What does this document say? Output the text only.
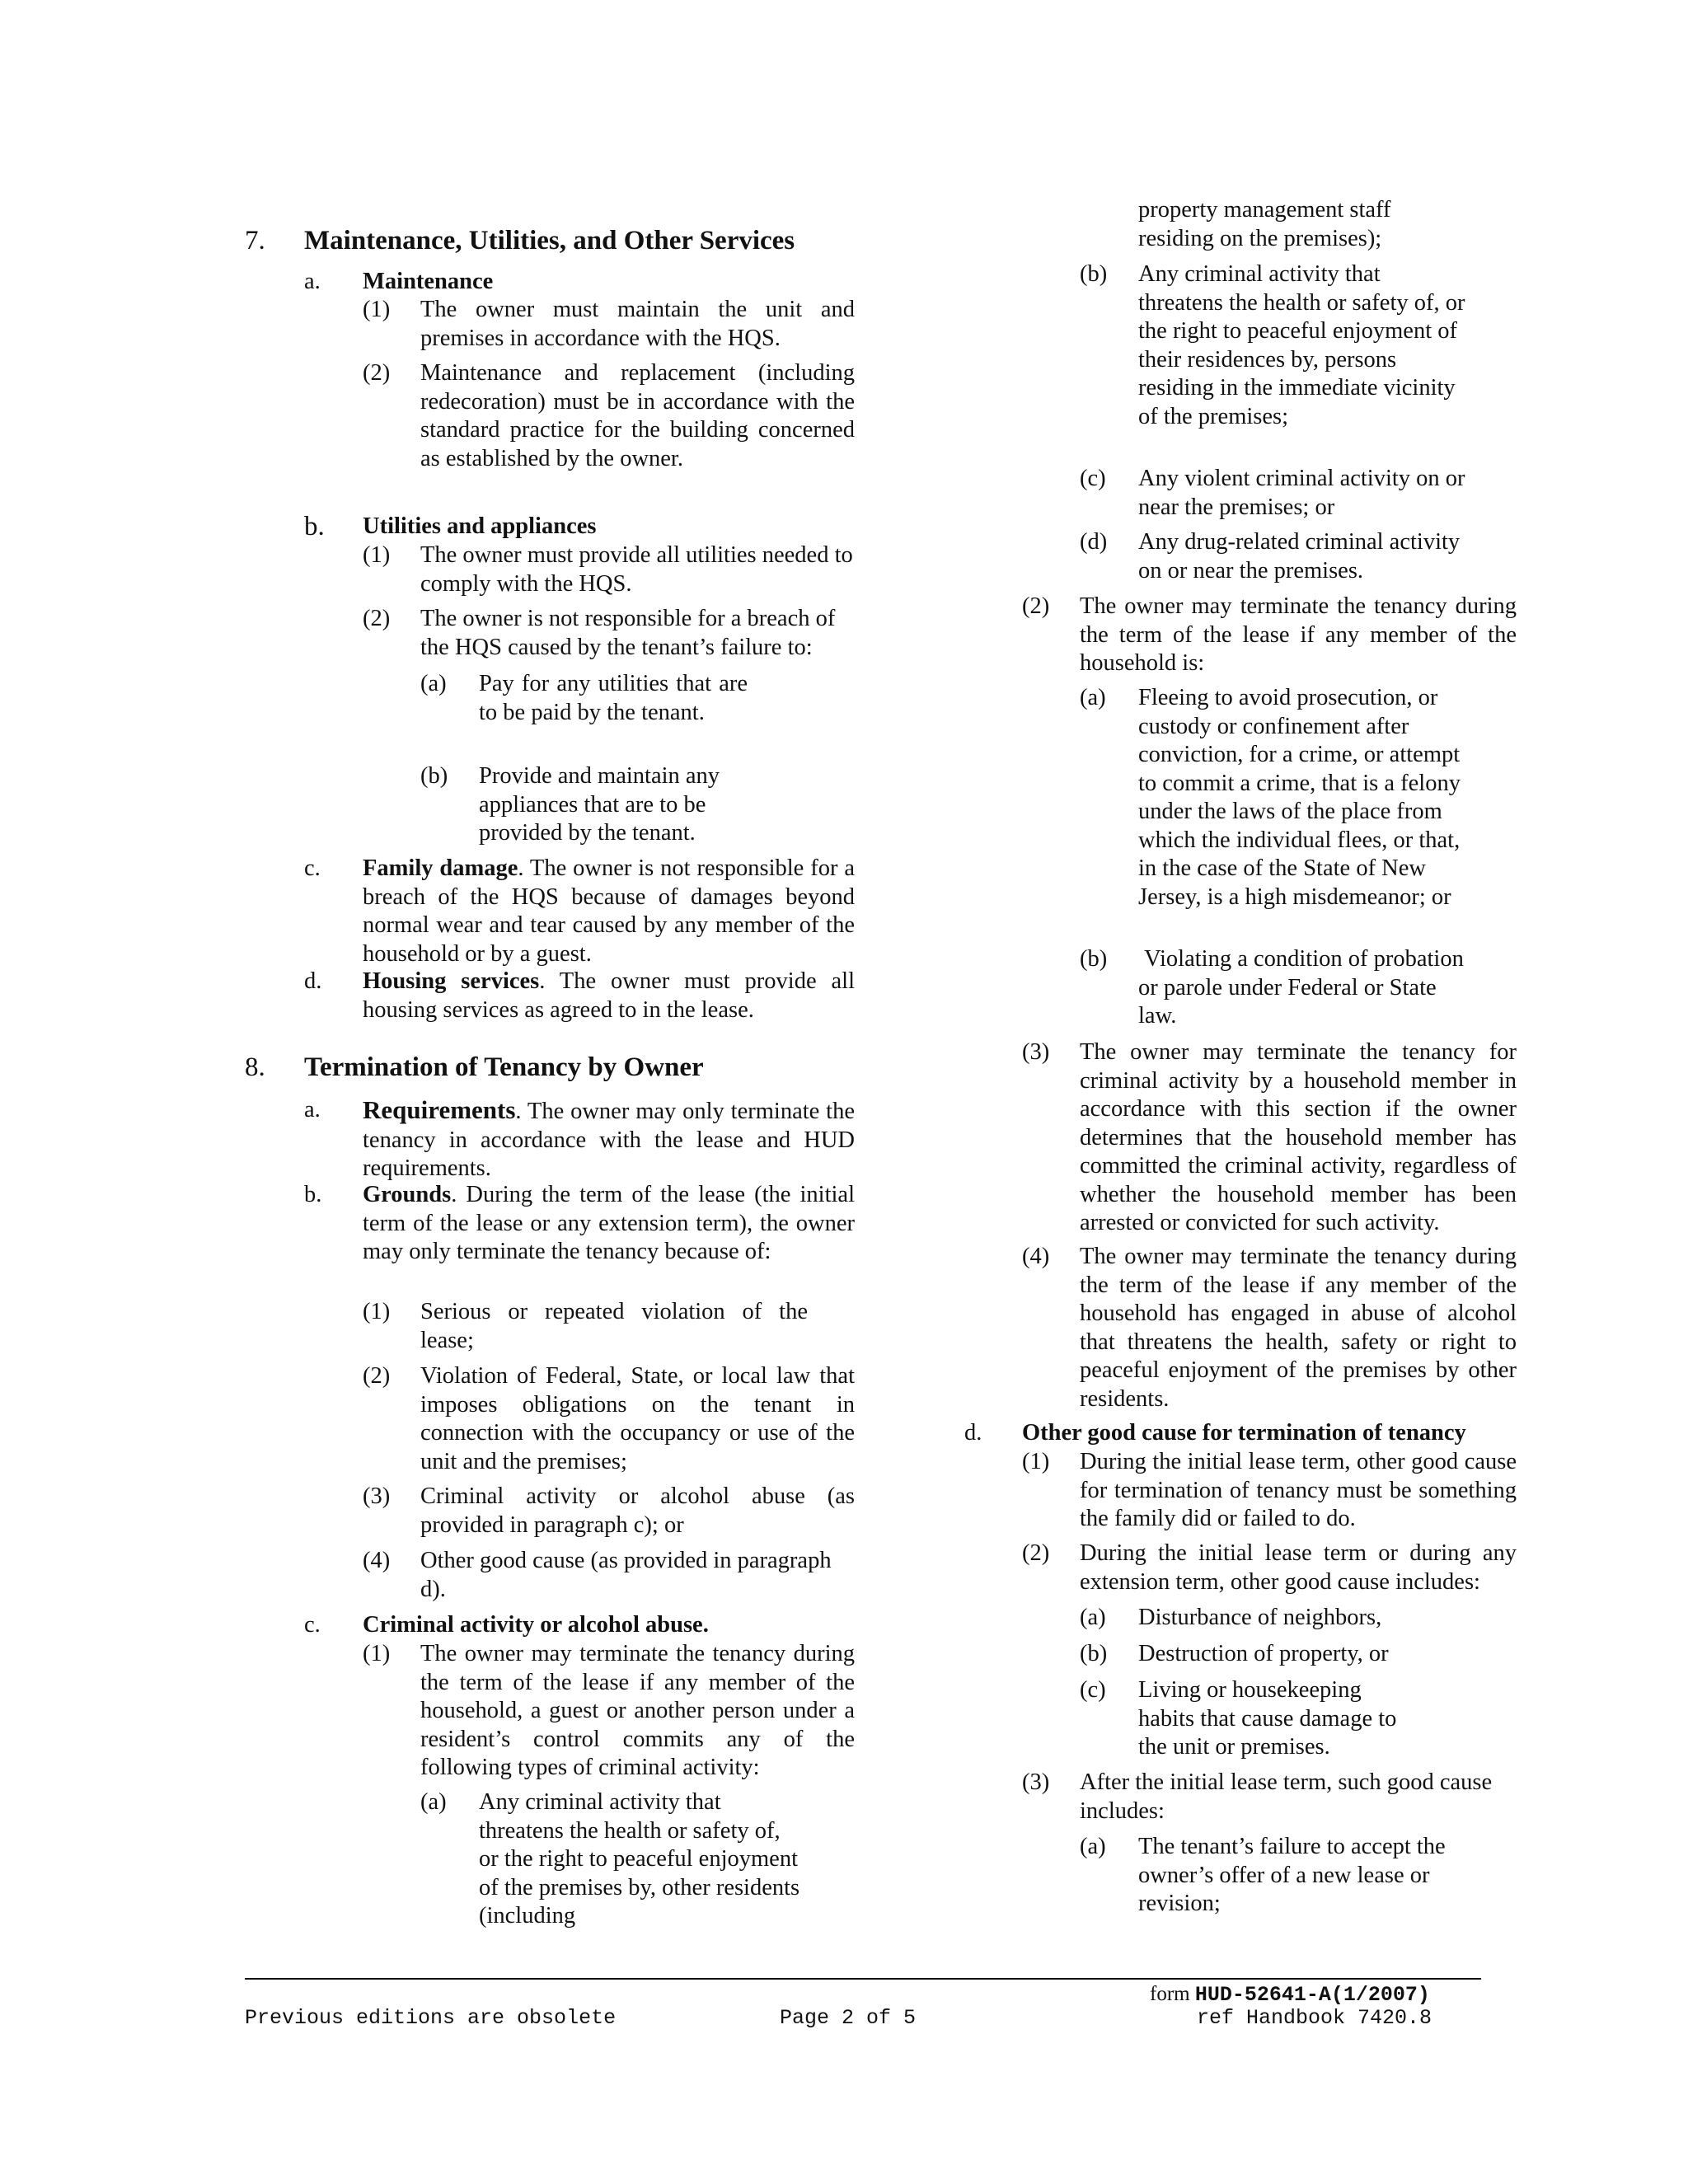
7. Maintenance, Utilities, and Other Services
a. Maintenance
(1) The owner must maintain the unit and premises in accordance with the HQS.
(2) Maintenance and replacement (including redecoration) must be in accordance with the standard practice for the building concerned as established by the owner.
b. Utilities and appliances
(1) The owner must provide all utilities needed to comply with the HQS.
(2) The owner is not responsible for a breach of the HQS caused by the tenant’s failure to:
(a) Pay for any utilities that are to be paid by the tenant.
(b) Provide and maintain any appliances that are to be provided by the tenant.
c. Family damage. The owner is not responsible for a breach of the HQS because of damages beyond normal wear and tear caused by any member of the household or by a guest.
d. Housing services. The owner must provide all housing services as agreed to in the lease.
8. Termination of Tenancy by Owner
a. Requirements. The owner may only terminate the tenancy in accordance with the lease and HUD requirements.
b. Grounds. During the term of the lease (the initial term of the lease or any extension term), the owner may only terminate the tenancy because of:
(1) Serious or repeated violation of the lease;
(2) Violation of Federal, State, or local law that imposes obligations on the tenant in connection with the occupancy or use of the unit and the premises;
(3) Criminal activity or alcohol abuse (as provided in paragraph c); or
(4) Other good cause (as provided in paragraph d).
c. Criminal activity or alcohol abuse.
(1) The owner may terminate the tenancy during the term of the lease if any member of the household, a guest or another person under a resident’s control commits any of the following types of criminal activity:
(a) Any criminal activity that threatens the health or safety of, or the right to peaceful enjoyment of the premises by, other residents (including
property management staff residing on the premises);
(b) Any criminal activity that threatens the health or safety of, or the right to peaceful enjoyment of their residences by, persons residing in the immediate vicinity of the premises;
(c) Any violent criminal activity on or near the premises; or
(d) Any drug-related criminal activity on or near the premises.
(2) The owner may terminate the tenancy during the term of the lease if any member of the household is:
(a) Fleeing to avoid prosecution, or custody or confinement after conviction, for a crime, or attempt to commit a crime, that is a felony under the laws of the place from which the individual flees, or that, in the case of the State of New Jersey, is a high misdemeanor; or
(b) Violating a condition of probation or parole under Federal or State law.
(3) The owner may terminate the tenancy for criminal activity by a household member in accordance with this section if the owner determines that the household member has committed the criminal activity, regardless of whether the household member has been arrested or convicted for such activity.
(4) The owner may terminate the tenancy during the term of the lease if any member of the household has engaged in abuse of alcohol that threatens the health, safety or right to peaceful enjoyment of the premises by other residents.
d. Other good cause for termination of tenancy
(1) During the initial lease term, other good cause for termination of tenancy must be something the family did or failed to do.
(2) During the initial lease term or during any extension term, other good cause includes:
(a) Disturbance of neighbors,
(b) Destruction of property, or
(c) Living or housekeeping habits that cause damage to the unit or premises.
(3) After the initial lease term, such good cause includes:
(a) The tenant’s failure to accept the owner’s offer of a new lease or revision;
form HUD-52641-A(1/2007)
Previous editions are obsolete	Page 2 of 5	ref Handbook 7420.8
